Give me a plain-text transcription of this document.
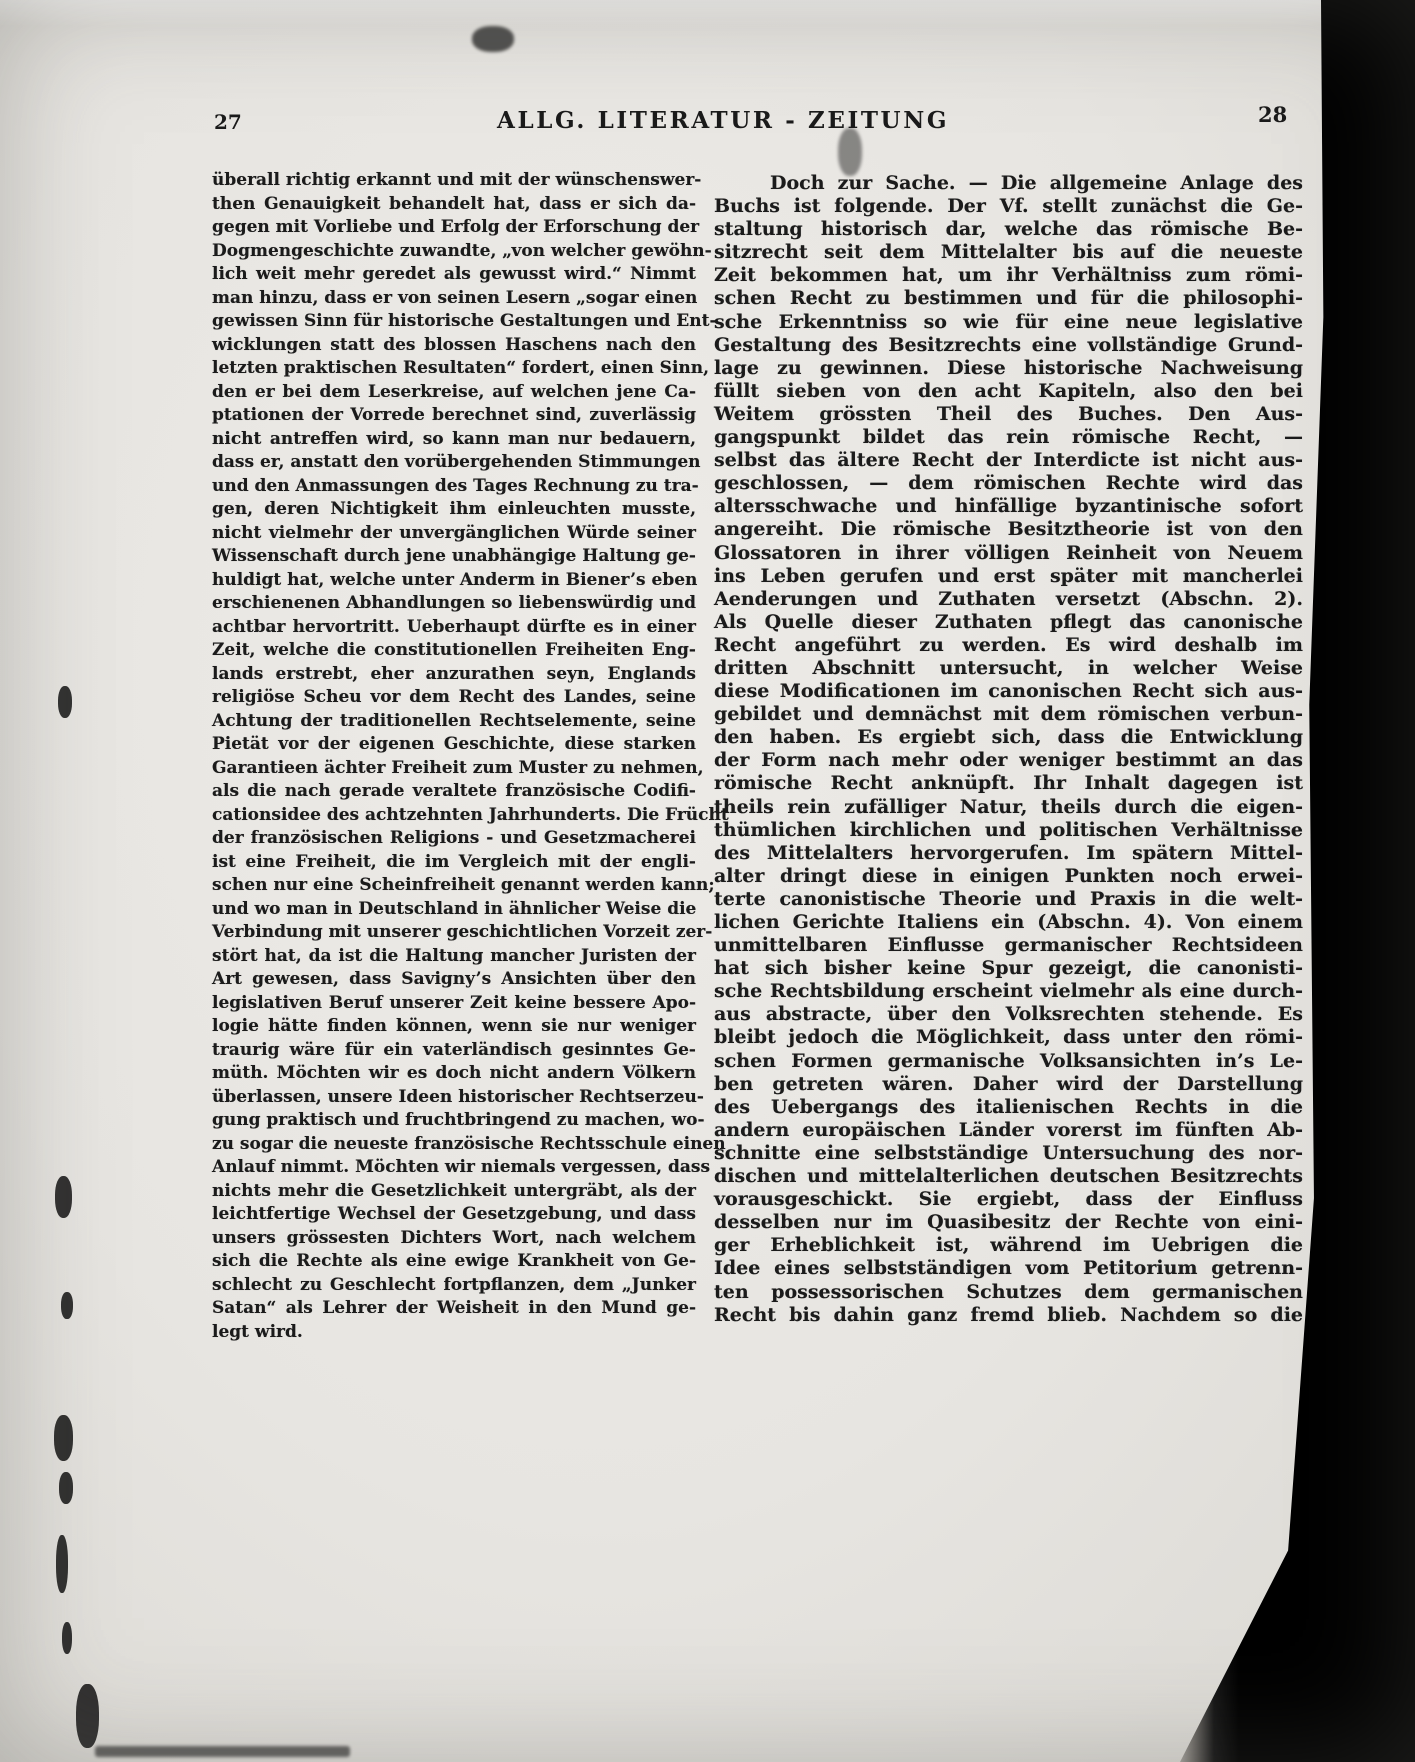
27	ALLG. LITERATUR - ZEITUNG	28
überall richtig erkannt und mit der wünschenswer-
then Genauigkeit behandelt hat, dass er sich da-
gegen mit Vorliebe und Erfolg der Erforschung der
Dogmengeschichte zuwandte, „von welcher gewöhn-
lich weit mehr geredet als gewusst wird.“ Nimmt
man hinzu, dass er von seinen Lesern „sogar einen
gewissen Sinn für historische Gestaltungen und Ent-
wicklungen statt des blossen Haschens nach den
letzten praktischen Resultaten“ fordert, einen Sinn,
den er bei dem Leserkreise, auf welchen jene Ca-
ptationen der Vorrede berechnet sind, zuverlässig
nicht antreffen wird, so kann man nur bedauern,
dass er, anstatt den vorübergehenden Stimmungen
und den Anmassungen des Tages Rechnung zu tra-
gen, deren Nichtigkeit ihm einleuchten musste,
nicht vielmehr der unvergänglichen Würde seiner
Wissenschaft durch jene unabhängige Haltung ge-
huldigt hat, welche unter Anderm in Biener’s eben
erschienenen Abhandlungen so liebenswürdig und
achtbar hervortritt. Ueberhaupt dürfte es in einer
Zeit, welche die constitutionellen Freiheiten Eng-
lands erstrebt, eher anzurathen seyn, Englands
religiöse Scheu vor dem Recht des Landes, seine
Achtung der traditionellen Rechtselemente, seine
Pietät vor der eigenen Geschichte, diese starken
Garantieen ächter Freiheit zum Muster zu nehmen,
als die nach gerade veraltete französische Codifi-
cationsidee des achtzehnten Jahrhunderts. Die Frücht
der französischen Religions - und Gesetzmacherei
ist eine Freiheit, die im Vergleich mit der engli-
schen nur eine Scheinfreiheit genannt werden kann;
und wo man in Deutschland in ähnlicher Weise die
Verbindung mit unserer geschichtlichen Vorzeit zer-
stört hat, da ist die Haltung mancher Juristen der
Art gewesen, dass Savigny’s Ansichten über den
legislativen Beruf unserer Zeit keine bessere Apo-
logie hätte finden können, wenn sie nur weniger
traurig wäre für ein vaterländisch gesinntes Ge-
müth. Möchten wir es doch nicht andern Völkern
überlassen, unsere Ideen historischer Rechtserzeu-
gung praktisch und fruchtbringend zu machen, wo-
zu sogar die neueste französische Rechtsschule einen
Anlauf nimmt. Möchten wir niemals vergessen, dass
nichts mehr die Gesetzlichkeit untergräbt, als der
leichtfertige Wechsel der Gesetzgebung, und dass
unsers grössesten Dichters Wort, nach welchem
sich die Rechte als eine ewige Krankheit von Ge-
schlecht zu Geschlecht fortpflanzen, dem „Junker
Satan“ als Lehrer der Weisheit in den Mund ge-
legt wird.
Doch zur Sache. — Die allgemeine Anlage des
Buchs ist folgende. Der Vf. stellt zunächst die Ge-
staltung historisch dar, welche das römische Be-
sitzrecht seit dem Mittelalter bis auf die neueste
Zeit bekommen hat, um ihr Verhältniss zum römi-
schen Recht zu bestimmen und für die philosophi-
sche Erkenntniss so wie für eine neue legislative
Gestaltung des Besitzrechts eine vollständige Grund-
lage zu gewinnen. Diese historische Nachweisung
füllt sieben von den acht Kapiteln, also den bei
Weitem grössten Theil des Buches. Den Aus-
gangspunkt bildet das rein römische Recht, —
selbst das ältere Recht der Interdicte ist nicht aus-
geschlossen, — dem römischen Rechte wird das
altersschwache und hinfällige byzantinische sofort
angereiht. Die römische Besitztheorie ist von den
Glossatoren in ihrer völligen Reinheit von Neuem
ins Leben gerufen und erst später mit mancherlei
Aenderungen und Zuthaten versetzt (Abschn. 2).
Als Quelle dieser Zuthaten pflegt das canonische
Recht angeführt zu werden. Es wird deshalb im
dritten Abschnitt untersucht, in welcher Weise
diese Modificationen im canonischen Recht sich aus-
gebildet und demnächst mit dem römischen verbun-
den haben. Es ergiebt sich, dass die Entwicklung
der Form nach mehr oder weniger bestimmt an das
römische Recht anknüpft. Ihr Inhalt dagegen ist
theils rein zufälliger Natur, theils durch die eigen-
thümlichen kirchlichen und politischen Verhältnisse
des Mittelalters hervorgerufen. Im spätern Mittel-
alter dringt diese in einigen Punkten noch erwei-
terte canonistische Theorie und Praxis in die welt-
lichen Gerichte Italiens ein (Abschn. 4). Von einem
unmittelbaren Einflusse germanischer Rechtsideen
hat sich bisher keine Spur gezeigt, die canonisti-
sche Rechtsbildung erscheint vielmehr als eine durch-
aus abstracte, über den Volksrechten stehende. Es
bleibt jedoch die Möglichkeit, dass unter den römi-
schen Formen germanische Volksansichten in’s Le-
ben getreten wären. Daher wird der Darstellung
des Uebergangs des italienischen Rechts in die
andern europäischen Länder vorerst im fünften Ab-
schnitte eine selbstständige Untersuchung des nor-
dischen und mittelalterlichen deutschen Besitzrechts
vorausgeschickt. Sie ergiebt, dass der Einfluss
desselben nur im Quasibesitz der Rechte von eini-
ger Erheblichkeit ist, während im Uebrigen die
Idee eines selbstständigen vom Petitorium getrenn-
ten possessorischen Schutzes dem germanischen
Recht bis dahin ganz fremd blieb. Nachdem so die
